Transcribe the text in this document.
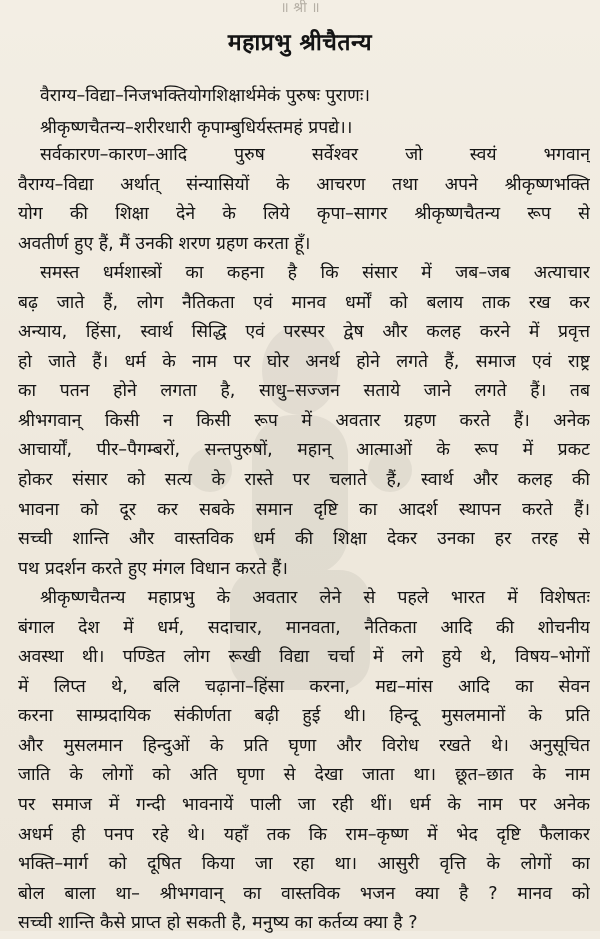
॥ श्री ॥
महाप्रभु श्रीचैतन्य
वैराग्य–विद्या–निजभक्तियोगशिक्षार्थमेकं पुरुषः पुराणः।
श्रीकृष्णचैतन्य–शरीरधारी कृपाम्बुधिर्यस्तमहं प्रपद्ये।।
सर्वकारण–कारण–आदि पुरुष सर्वेश्वर जो स्वयं भगवान्
वैराग्य–विद्या अर्थात् संन्यासियों के आचरण तथा अपने श्रीकृष्णभक्ति
योग की शिक्षा देने के लिये कृपा–सागर श्रीकृष्णचैतन्य रूप से
अवतीर्ण हुए हैं, मैं उनकी शरण ग्रहण करता हूँ।
समस्त धर्मशास्त्रों का कहना है कि संसार में जब–जब अत्याचार
बढ़ जाते हैं, लोग नैतिकता एवं मानव धर्मों को बलाय ताक रख कर
अन्याय, हिंसा, स्वार्थ सिद्धि एवं परस्पर द्वेष और कलह करने में प्रवृत्त
हो जाते हैं। धर्म के नाम पर घोर अनर्थ होने लगते हैं, समाज एवं राष्ट्र
का पतन होने लगता है, साधु–सज्जन सताये जाने लगते हैं। तब
श्रीभगवान् किसी न किसी रूप में अवतार ग्रहण करते हैं। अनेक
आचार्यों, पीर–पैगम्बरों, सन्तपुरुषों, महान् आत्माओं के रूप में प्रकट
होकर संसार को सत्य के रास्ते पर चलाते हैं, स्वार्थ और कलह की
भावना को दूर कर सबके समान दृष्टि का आदर्श स्थापन करते हैं।
सच्ची शान्ति और वास्तविक धर्म की शिक्षा देकर उनका हर तरह से
पथ प्रदर्शन करते हुए मंगल विधान करते हैं।
श्रीकृष्णचैतन्य महाप्रभु के अवतार लेने से पहले भारत में विशेषतः
बंगाल देश में धर्म, सदाचार, मानवता, नैतिकता आदि की शोचनीय
अवस्था थी। पण्डित लोग रूखी विद्या चर्चा में लगे हुये थे, विषय–भोगों
में लिप्त थे, बलि चढ़ाना–हिंसा करना, मद्य–मांस आदि का सेवन
करना साम्प्रदायिक संकीर्णता बढ़ी हुई थी। हिन्दू मुसलमानों के प्रति
और मुसलमान हिन्दुओं के प्रति घृणा और विरोध रखते थे। अनुसूचित
जाति के लोगों को अति घृणा से देखा जाता था। छूत–छात के नाम
पर समाज में गन्दी भावनायें पाली जा रही थीं। धर्म के नाम पर अनेक
अधर्म ही पनप रहे थे। यहाँ तक कि राम–कृष्ण में भेद दृष्टि फैलाकर
भक्ति–मार्ग को दूषित किया जा रहा था। आसुरी वृत्ति के लोगों का
बोल बाला था– श्रीभगवान् का वास्तविक भजन क्या है ? मानव को
सच्ची शान्ति कैसे प्राप्त हो सकती है, मनुष्य का कर्तव्य क्या है ?
